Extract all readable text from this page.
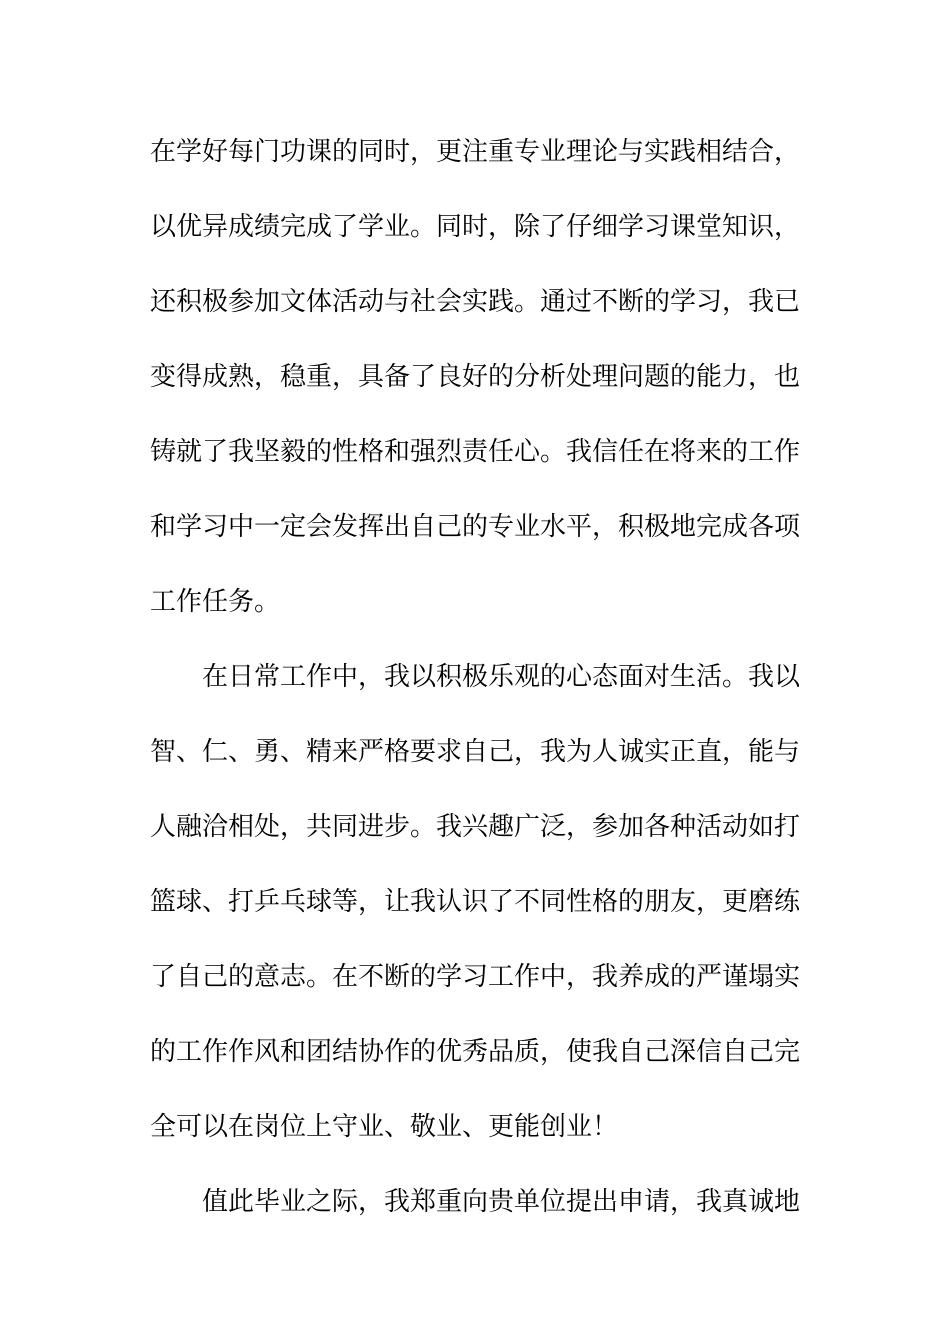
在学好每门功课的同时，更注重专业理论与实践相结合，
以优异成绩完成了学业。同时，除了仔细学习课堂知识，
还积极参加文体活动与社会实践。通过不断的学习，我已
变得成熟，稳重，具备了良好的分析处理问题的能力，也
铸就了我坚毅的性格和强烈责任心。我信任在将来的工作
和学习中一定会发挥出自己的专业水平，积极地完成各项
工作任务。
在日常工作中，我以积极乐观的心态面对生活。我以
智、仁、勇、精来严格要求自己，我为人诚实正直，能与
人融洽相处，共同进步。我兴趣广泛，参加各种活动如打
篮球、打乒乓球等，让我认识了不同性格的朋友，更磨练
了自己的意志。在不断的学习工作中，我养成的严谨塌实
的工作作风和团结协作的优秀品质，使我自己深信自己完
全可以在岗位上守业、敬业、更能创业！
值此毕业之际，我郑重向贵单位提出申请，我真诚地
